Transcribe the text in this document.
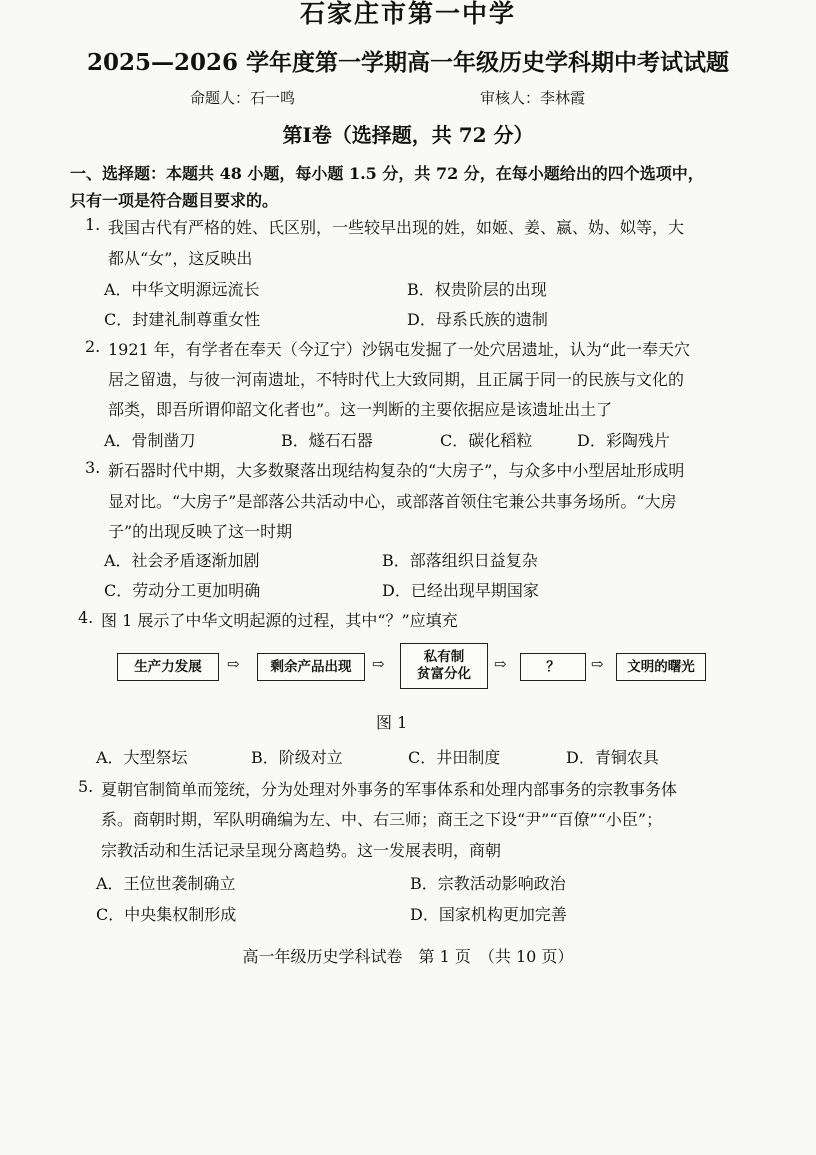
石家庄市第一中学
2025—2026 学年度第一学期高一年级历史学科期中考试试题
命题人：石一鸣	审核人：李林霞
第Ⅰ卷（选择题，共 72 分）
一、选择题：本题共 48 小题，每小题 1.5 分，共 72 分，在每小题给出的四个选项中，
只有一项是符合题目要求的。
1. 我国古代有严格的姓、氏区别，一些较早出现的姓，如姬、姜、嬴、妫、姒等，大
都从“女”，这反映出
A．中华文明源远流长	B．权贵阶层的出现
C．封建礼制尊重女性	D．母系氏族的遗制
2. 1921 年，有学者在奉天（今辽宁）沙锅屯发掘了一处穴居遗址，认为“此一奉天穴
居之留遗，与彼一河南遗址，不特时代上大致同期，且正属于同一的民族与文化的
部类，即吾所谓仰韶文化者也”。这一判断的主要依据应是该遗址出土了
A．骨制凿刀	B．燧石石器	C．碳化稻粒	D．彩陶残片
3. 新石器时代中期，大多数聚落出现结构复杂的“大房子”，与众多中小型居址形成明
显对比。“大房子”是部落公共活动中心，或部落首领住宅兼公共事务场所。“大房
子”的出现反映了这一时期
A．社会矛盾逐渐加剧	B．部落组织日益复杂
C．劳动分工更加明确	D．已经出现早期国家
4. 图 1 展示了中华文明起源的过程，其中“？”应填充
生产力发展	⇨	剩余产品出现	⇨	私有制
贫富分化
⇨	？	⇨	文明的曙光
图 1
A．大型祭坛	B．阶级对立	C．井田制度	D．青铜农具
5. 夏朝官制简单而笼统，分为处理对外事务的军事体系和处理内部事务的宗教事务体
系。商朝时期，军队明确编为左、中、右三师；商王之下设“尹”“百僚”“小臣”；
宗教活动和生活记录呈现分离趋势。这一发展表明，商朝
A．王位世袭制确立	B．宗教活动影响政治
C．中央集权制形成	D．国家机构更加完善
高一年级历史学科试卷　第 1 页　（共 10 页）
